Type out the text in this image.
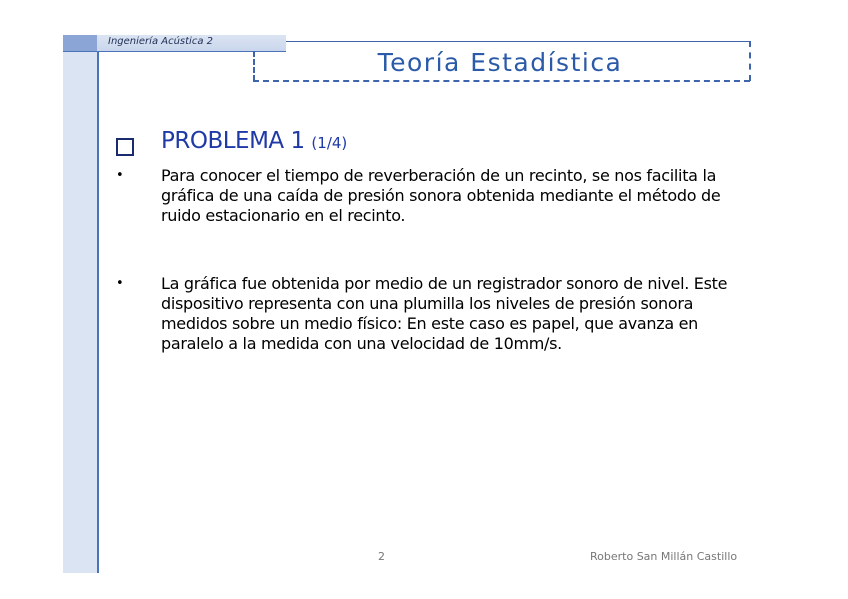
Ingeniería Acústica 2
Teoría Estadística
PROBLEMA 1 (1/4)
• Para conocer el tiempo de reverberación de un recinto, se nos facilita la gráfica de una caída de presión sonora obtenida mediante el método de ruido estacionario en el recinto.
• La gráfica fue obtenida por medio de un registrador sonoro de nivel. Este dispositivo representa con una plumilla los niveles de presión sonora medidos sobre un medio físico: En este caso es papel, que avanza en paralelo a la medida con una velocidad de 10mm/s.
2	Roberto San Millán Castillo
